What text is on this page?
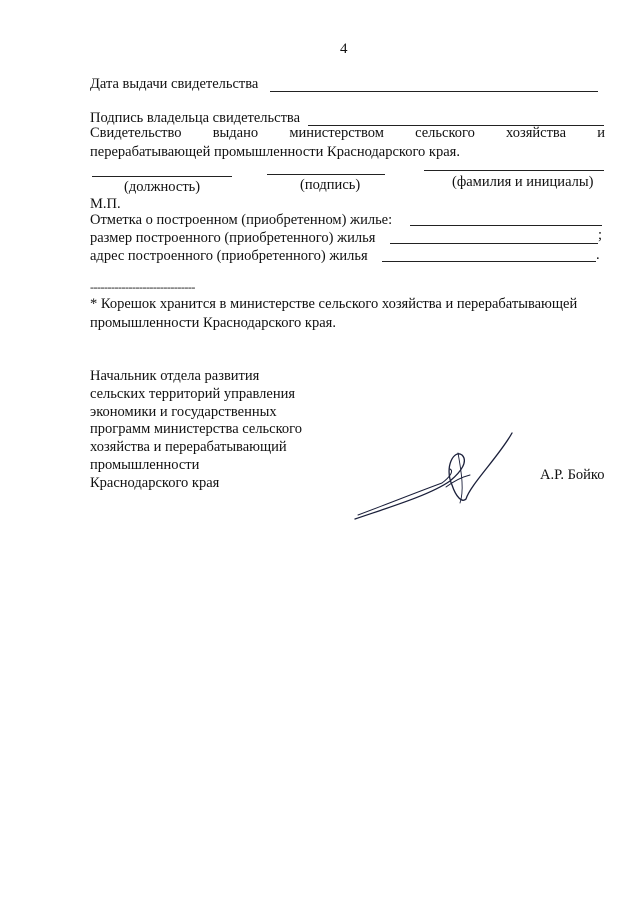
4
Дата выдачи свидетельства
Подпись владельца свидетельства
Свидетельство выдано министерством сельского хозяйства и
перерабатывающей промышленности Краснодарского края.
(должность)	(подпись)	(фамилия и инициалы)
М.П.
Отметка о построенном (приобретенном) жилье:
размер построенного (приобретенного) жилья	;
адрес построенного (приобретенного) жилья	.
------------------------------
* Корешок хранится в министерстве сельского хозяйства и перерабатывающей
промышленности Краснодарского края.
Начальник отдела развития
сельских территорий управления
экономики и государственных
программ министерства сельского
хозяйства и перерабатывающий
промышленности
Краснодарского края	А.Р. Бойко
